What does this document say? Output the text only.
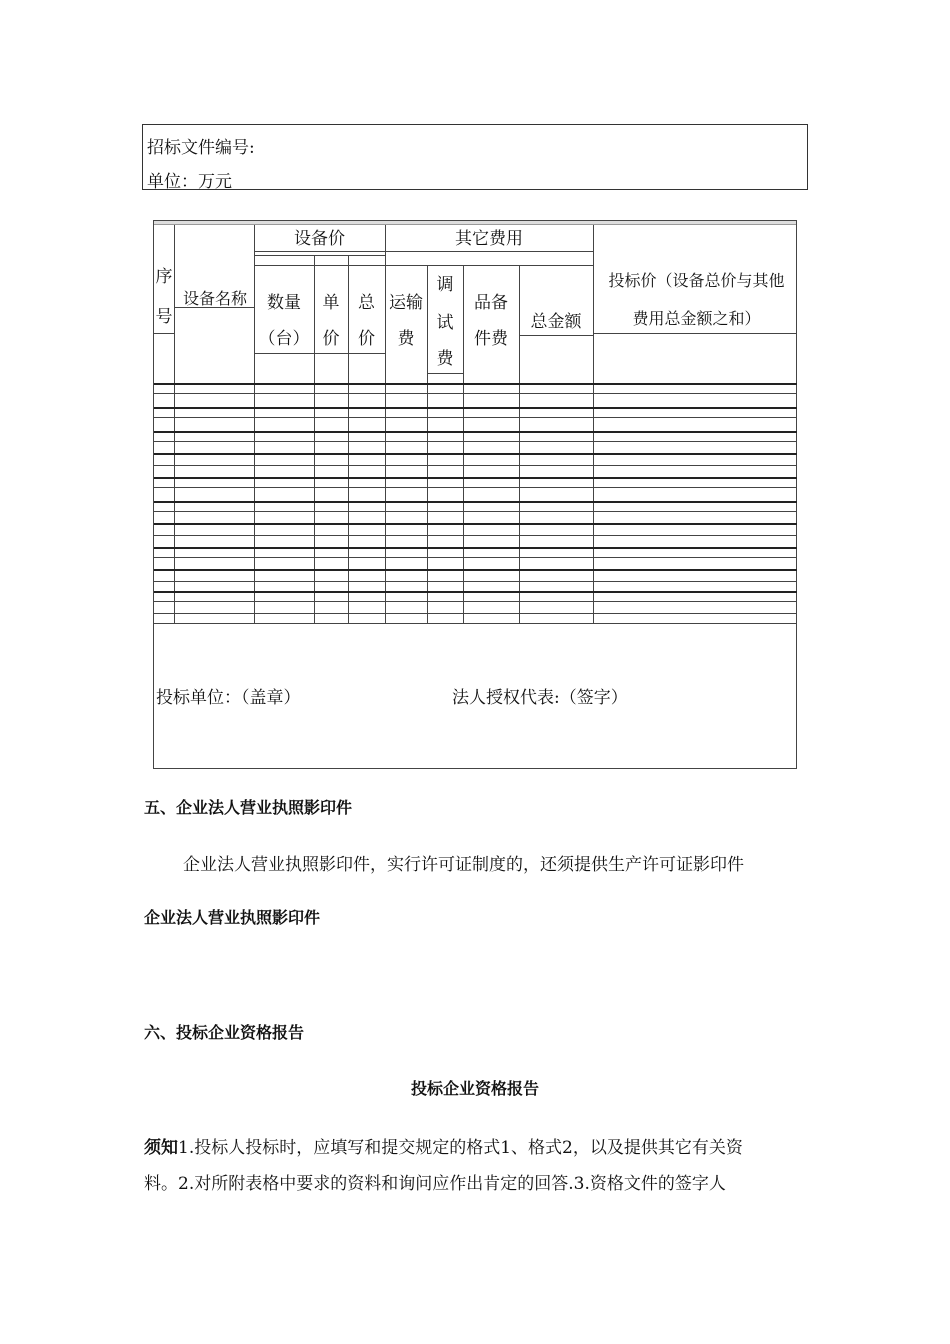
招标文件编号:
单位：万元
序
号
设备名称
设备价	其它费用
数量
（台）
单
价
总
价
运输
费
调
试
费
品备
件费
总金额
投标价（设备总价与其他
费用总金额之和）
投标单位：（盖章）	法人授权代表:（签字）
五、企业法人营业执照影印件
企业法人营业执照影印件，实行许可证制度的，还须提供生产许可证影印件
企业法人营业执照影印件
六、投标企业资格报告
投标企业资格报告
须知1.投标人投标时，应填写和提交规定的格式1、格式2，以及提供其它有关资
料。2.对所附表格中要求的资料和询问应作出肯定的回答.3.资格文件的签字人
